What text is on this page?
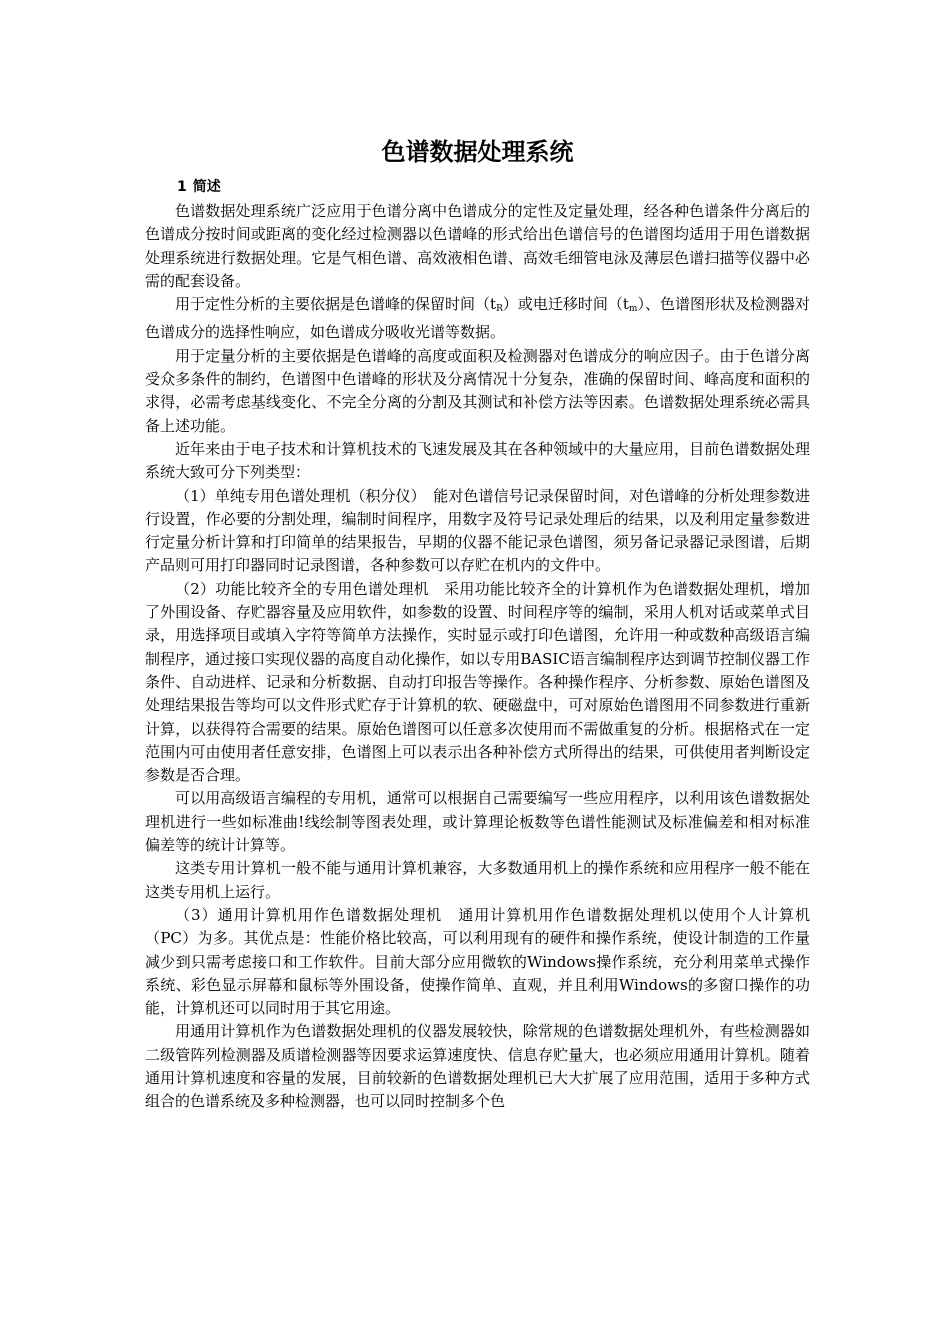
色谱数据处理系统
1 简述

色谱数据处理系统广泛应用于色谱分离中色谱成分的定性及定量处理，经各种色谱条件分离后的色谱成分按时间或距离的变化经过检测器以色谱峰的形式给出色谱信号的色谱图均适用于用色谱数据处理系统进行数据处理。它是气相色谱、高效液相色谱、高效毛细管电泳及薄层色谱扫描等仪器中必需的配套设备。

用于定性分析的主要依据是色谱峰的保留时间$(t_R)$或电迁移时间$(t_m)$、色谱图形状及检测器对色谱成分的选择性响应，如色谱成分吸收光谱等数据。

用于定量分析的主要依据是色谱峰的高度或面积及检测器对色谱成分的响应因子。由于色谱分离受众多条件的制约，色谱图中色谱峰的形状及分离情况十分复杂，准确的保留时间、峰高度和面积的求得，必需考虑基线变化、不完全分离的分割及其测试和补偿方法等因素。色谱数据处理系统必需具备上述功能。

近年来由于电子技术和计算机技术的飞速发展及其在各种领域中的大量应用，目前色谱数据处理系统大致可分下列类型：

（1）单纯专用色谱处理机（积分仪）　能对色谱信号记录保留时间，对色谱峰的分析处理参数进行设置，作必要的分割处理，编制时间程序，用数字及符号记录处理后的结果，以及利用定量参数进行定量分析计算和打印简单的结果报告，早期的仪器不能记录色谱图，须另备记录器记录图谱，后期产品则可用打印器同时记录图谱，各种参数可以存贮在机内的文件中。

（2）功能比较齐全的专用色谱处理机　采用功能比较齐全的计算机作为色谱数据处理机，增加了外围设备、存贮器容量及应用软件，如参数的设置、时间程序等的编制，采用人机对话或菜单式目录，用选择项目或填入字符等简单方法操作，实时显示或打印色谱图，允许用一种或数种高级语言编制程序，通过接口实现仪器的高度自动化操作，如以专用BASIC语言编制程序达到调节控制仪器工作条件、自动进样、记录和分析数据、自动打印报告等操作。各种操作程序、分析参数、原始色谱图及处理结果报告等均可以文件形式贮存于计算机的软、硬磁盘中，可对原始色谱图用不同参数进行重新计算，以获得符合需要的结果。原始色谱图可以任意多次使用而不需做重复的分析。根据格式在一定范围内可由使用者任意安排，色谱图上可以表示出各种补偿方式所得出的结果，可供使用者判断设定参数是否合理。

可以用高级语言编程的专用机，通常可以根据自己需要编写一些应用程序，以利用该色谱数据处理机进行一些如标准曲!线绘制等图表处理，或计算理论板数等色谱性能测试及标准偏差和相对标准偏差等的统计计算等。

这类专用计算机一般不能与通用计算机兼容，大多数通用机上的操作系统和应用程序一般不能在这类专用机上运行。

（3）通用计算机用作色谱数据处理机　通用计算机用作色谱数据处理机以使用个人计算机（PC）为多。其优点是：性能价格比较高，可以利用现有的硬件和操作系统，使设计制造的工作量减少到只需考虑接口和工作软件。目前大部分应用微软的Windows操作系统，充分利用菜单式操作系统、彩色显示屏幕和鼠标等外围设备，使操作简单、直观，并且利用Windows的多窗口操作的功能，计算机还可以同时用于其它用途。

用通用计算机作为色谱数据处理机的仪器发展较快，除常规的色谱数据处理机外，有些检测器如二级管阵列检测器及质谱检测器等因要求运算速度快、信息存贮量大，也必须应用通用计算机。随着通用计算机速度和容量的发展，目前较新的色谱数据处理机已大大扩展了应用范围，适用于多种方式组合的色谱系统及多种检测器，也可以同时控制多个色
